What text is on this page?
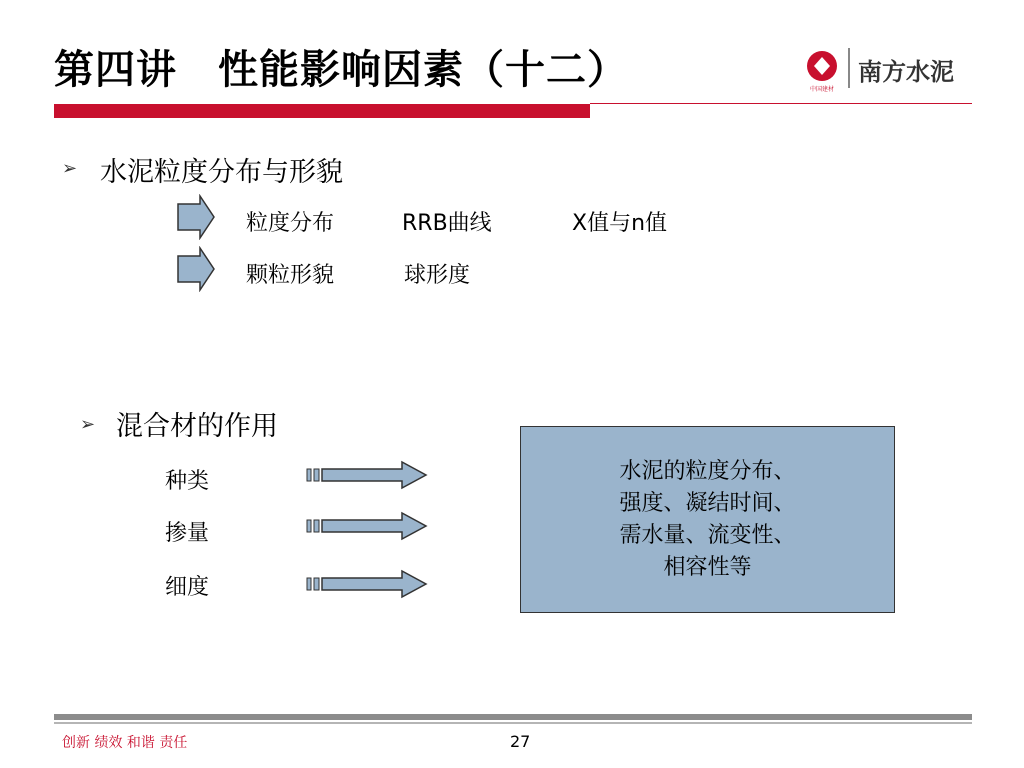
第四讲　性能影响因素（十二）	中国建材
南方水泥
➢ 水泥粒度分布与形貌
粒度分布	RRB曲线	X值与n值
颗粒形貌	球形度
➢ 混合材的作用
种类
掺量
细度
水泥的粒度分布、
强度、凝结时间、
需水量、流变性、
相容性等
创新 绩效 和谐 责任	27
